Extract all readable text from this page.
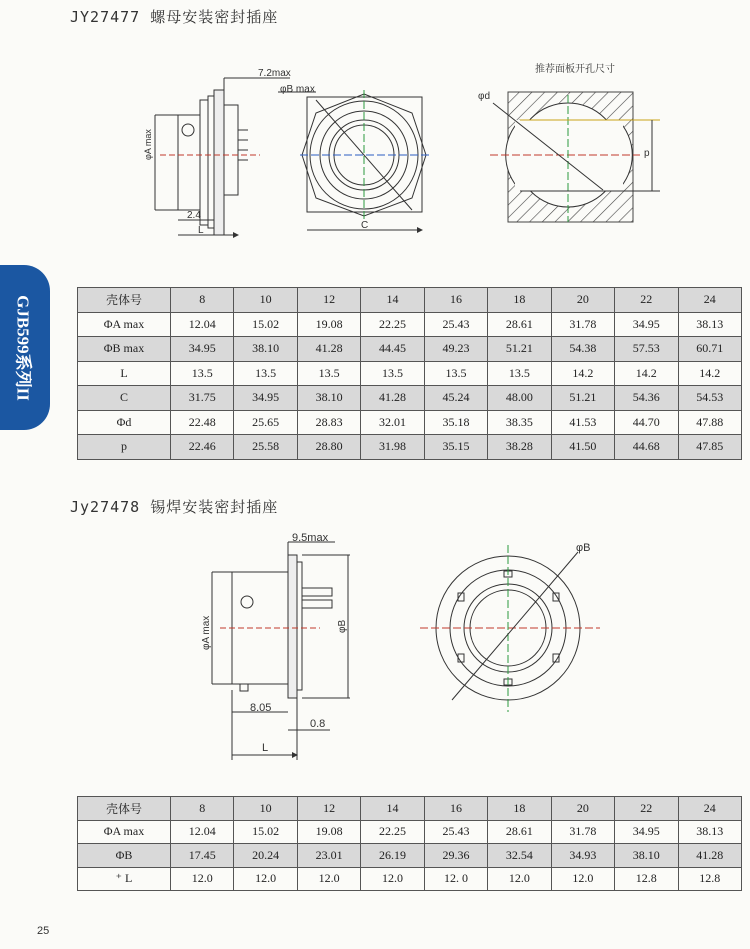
JY27477 螺母安装密封插座
Jy27478 锡焊安装密封插座
GJB599系列II
7.2max
φA max
2.4
L
φB max
C
推荐面板开孔尺寸
φd
p
9.5max
φA max	φB
8.05
0.8
L
φB
壳体号	8	10	12	14	16	18	20	22	24
ΦA max	12.04	15.02	19.08	22.25	25.43	28.61	31.78	34.95	38.13
ΦB max	34.95	38.10	41.28	44.45	49.23	51.21	54.38	57.53	60.71
L	13.5	13.5	13.5	13.5	13.5	13.5	14.2	14.2	14.2
C	31.75	34.95	38.10	41.28	45.24	48.00	51.21	54.36	54.53
Φd	22.48	25.65	28.83	32.01	35.18	38.35	41.53	44.70	47.88
p	22.46	25.58	28.80	31.98	35.15	38.28	41.50	44.68	47.85
壳体号	8	10	12	14	16	18	20	22	24
ΦA max	12.04	15.02	19.08	22.25	25.43	28.61	31.78	34.95	38.13
ΦB	17.45	20.24	23.01	26.19	29.36	32.54	34.93	38.10	41.28
⁺ L	12.0	12.0	12.0	12.0	12. 0	12.0	12.0	12.8	12.8
25
